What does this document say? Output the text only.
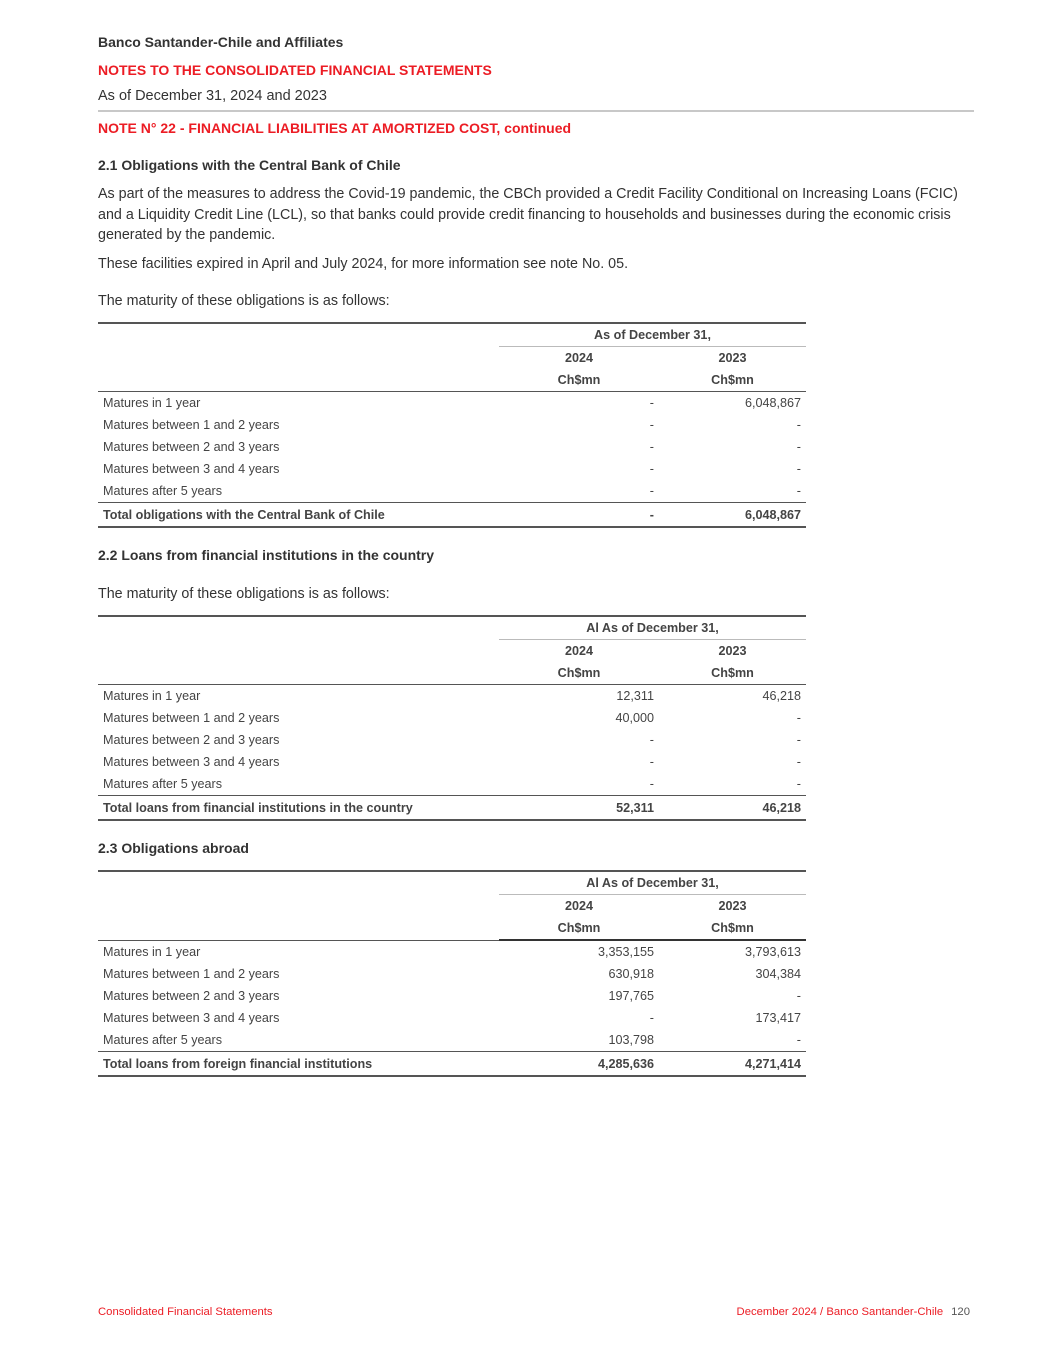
Banco Santander-Chile and Affiliates
NOTES TO THE CONSOLIDATED FINANCIAL STATEMENTS
As of December 31, 2024 and 2023
NOTE N° 22 - FINANCIAL LIABILITIES AT AMORTIZED COST, continued
2.1 Obligations with the Central Bank of Chile

As part of the measures to address the Covid-19 pandemic, the CBCh provided a Credit Facility Conditional on Increasing Loans (FCIC) and a Liquidity Credit Line (LCL), so that banks could provide credit financing to households and businesses during the economic crisis generated by the pandemic.

These facilities expired in April and July 2024, for more information see note No. 05.

The maturity of these obligations is as follows:

	As of December 31,	
	2024	2023
	Ch$mn	Ch$mn
Matures in 1 year	-	6,048,867
Matures between 1 and 2 years	-	-
Matures between 2 and 3 years	-	-
Matures between 3 and 4 years	-	-
Matures after 5 years	-	-
Total obligations with the Central Bank of Chile	-	6,048,867
2.2 Loans from financial institutions in the country

The maturity of these obligations is as follows:

	Al As of December 31,	
	2024	2023
	Ch$mn	Ch$mn
Matures in 1 year	12,311	46,218
Matures between 1 and 2 years	40,000	-
Matures between 2 and 3 years	-	-
Matures between 3 and 4 years	-	-
Matures after 5 years	-	-
Total loans from financial institutions in the country	52,311	46,218
2.3 Obligations abroad
	Al As of December 31,	
	2024	2023
	Ch$mn	Ch$mn
Matures in 1 year	3,353,155	3,793,613
Matures between 1 and 2 years	630,918	304,384
Matures between 2 and 3 years	197,765	-
Matures between 3 and 4 years	-	173,417
Matures after 5 years	103,798	-
Total loans from foreign financial institutions	4,285,636	4,271,414
Consolidated Financial Statements	December 2024 / Banco Santander-Chile 120
